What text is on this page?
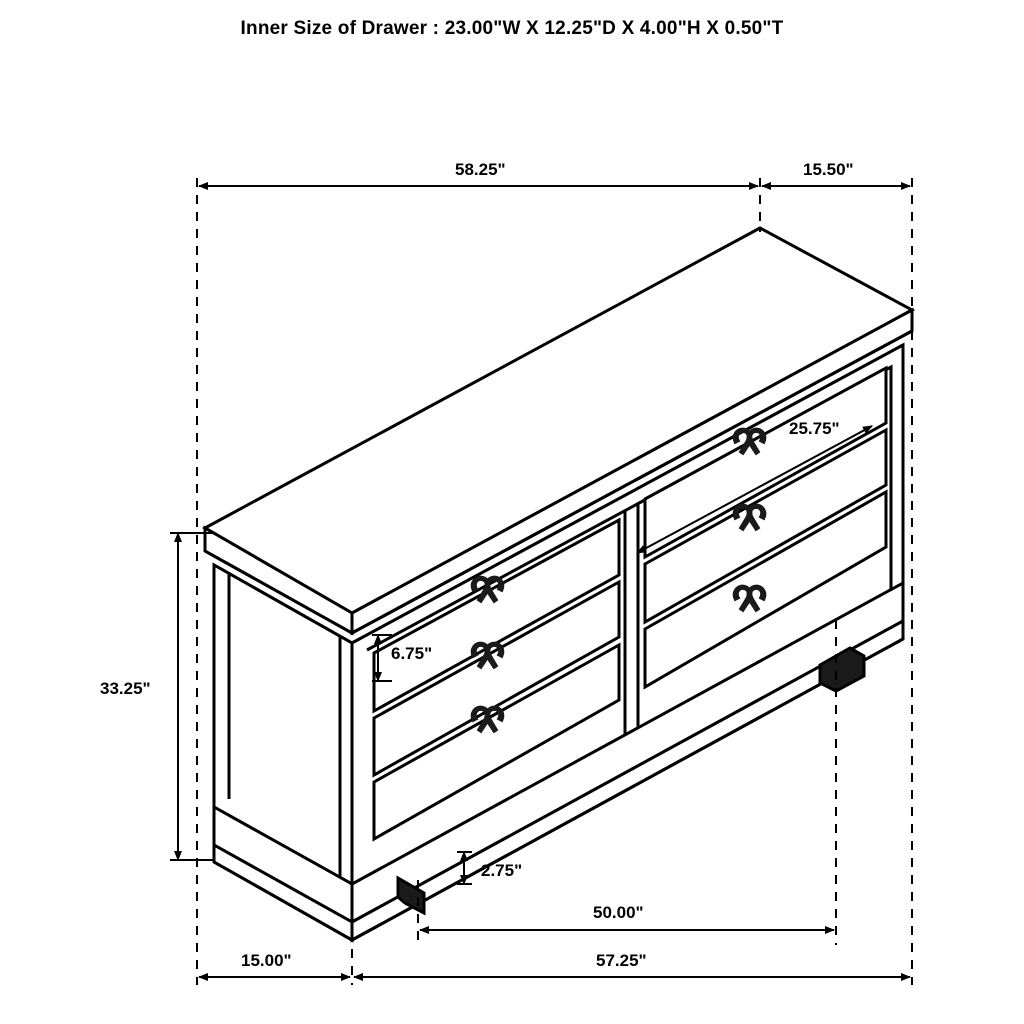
Inner Size of Drawer : 23.00"W X 12.25"D X 4.00"H X 0.50"T
58.25"	15.50"
25.75"
6.75"
33.25"
2.75"
15.00"
50.00"
57.25"
